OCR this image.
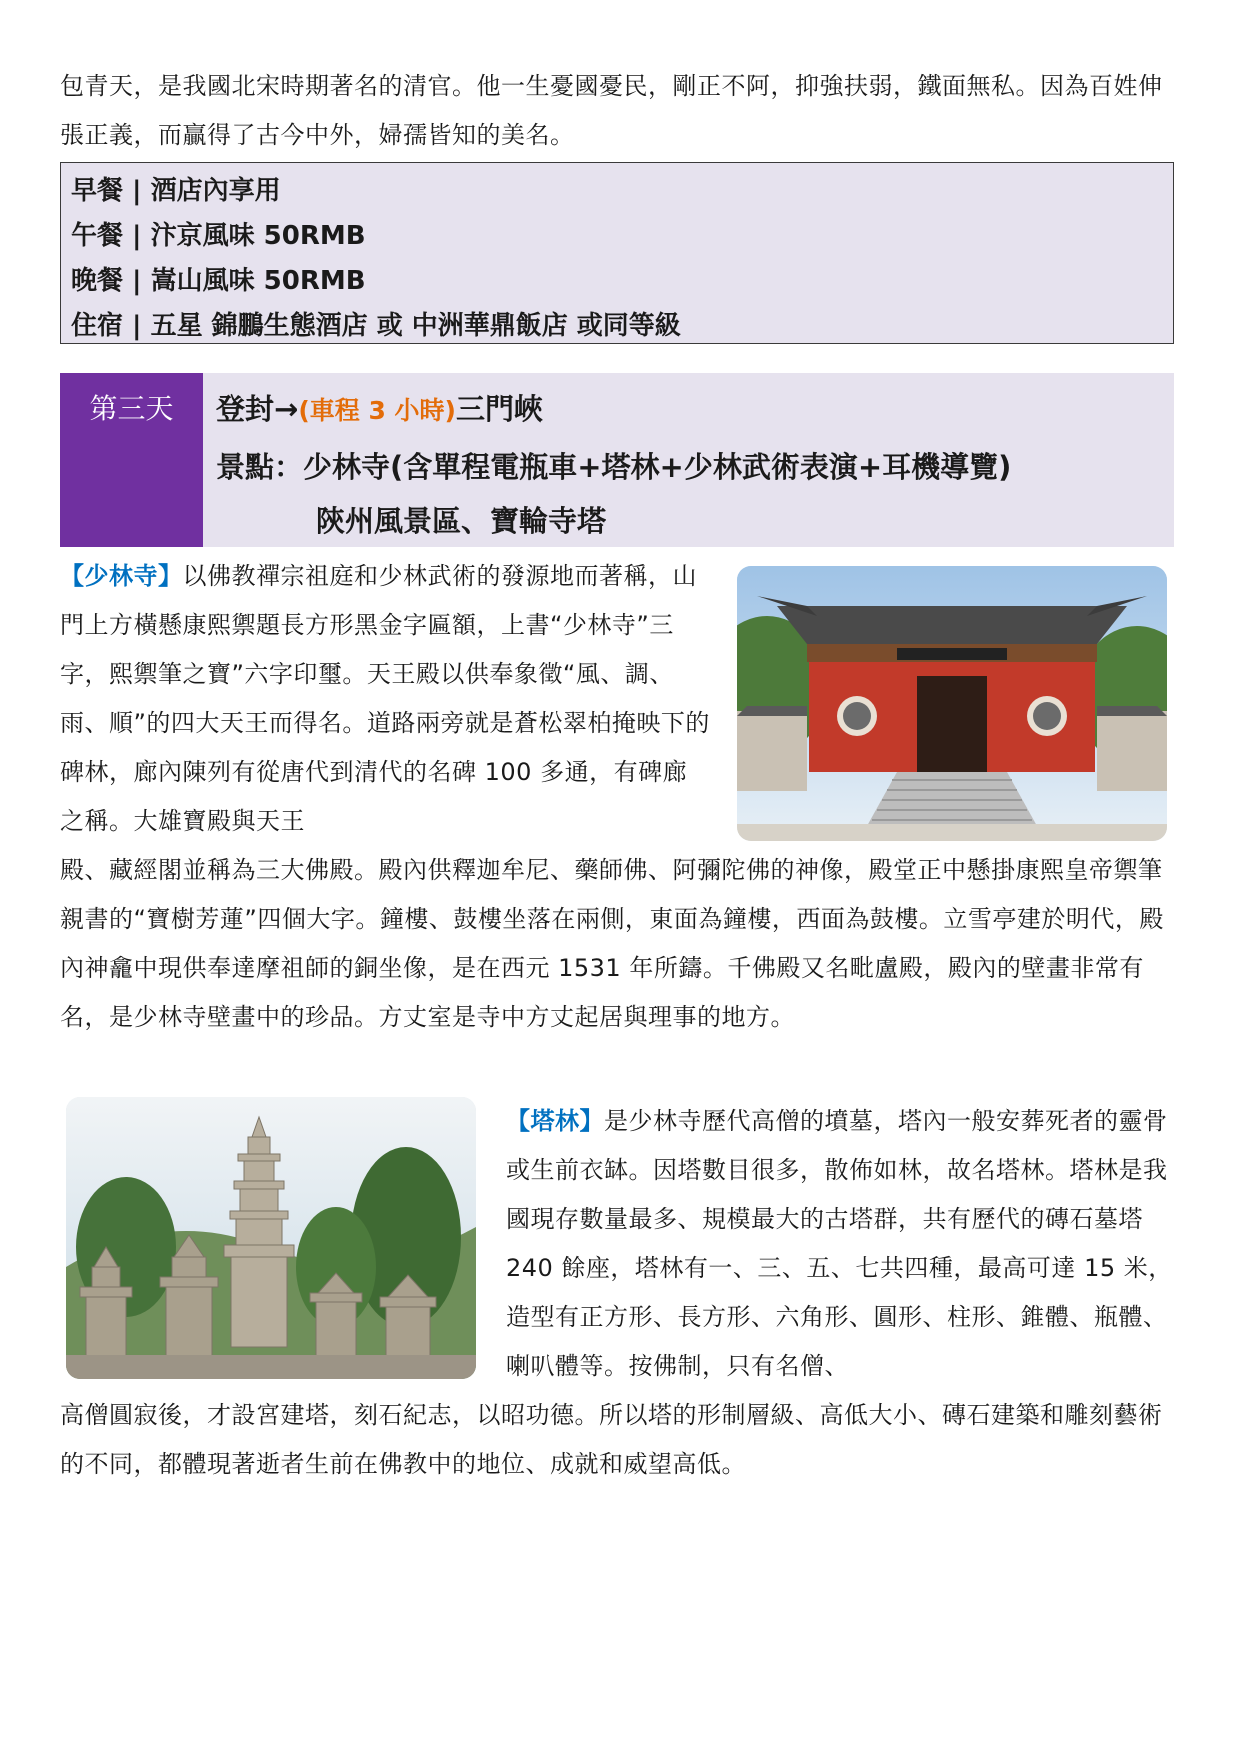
包青天，是我國北宋時期著名的清官。他一生憂國憂民，剛正不阿，抑強扶弱，鐵面無私。因為百姓伸張正義，而贏得了古今中外，婦孺皆知的美名。

早餐 | 酒店內享用
午餐 | 汴京風味 50RMB
晚餐 | 嵩山風味 50RMB
住宿 | 五星 錦鵬生態酒店 或 中洲華鼎飯店 或同等級
第三天	登封→(車程 3 小時)三門峽
景點：少林寺(含單程電瓶車+塔林+少林武術表演+耳機導覽)
陝州風景區、寶輪寺塔

【少林寺】以佛教禪宗祖庭和少林武術的發源地而著稱，山門上方橫懸康熙禦題長方形黑金字匾額，上書“少林寺”三字，熙禦筆之寶”六字印璽。天王殿以供奉象徵“風、調、雨、順”的四大天王而得名。道路兩旁就是蒼松翠柏掩映下的碑林，廊內陳列有從唐代到清代的名碑 100 多通，有碑廊之稱。大雄寶殿與天王

殿、藏經閣並稱為三大佛殿。殿內供釋迦牟尼、藥師佛、阿彌陀佛的神像，殿堂正中懸掛康熙皇帝禦筆親書的“寶樹芳蓮”四個大字。鐘樓、鼓樓坐落在兩側，東面為鐘樓，西面為鼓樓。立雪亭建於明代，殿內神龕中現供奉達摩祖師的銅坐像，是在西元 1531 年所鑄。千佛殿又名毗盧殿，殿內的壁畫非常有名，是少林寺壁畫中的珍品。方丈室是寺中方丈起居與理事的地方。

【塔林】是少林寺歷代高僧的墳墓，塔內一般安葬死者的靈骨或生前衣缽。因塔數目很多，散佈如林，故名塔林。塔林是我國現存數量最多、規模最大的古塔群，共有歷代的磚石墓塔 240 餘座，塔林有一、三、五、七共四種，最高可達 15 米，造型有正方形、長方形、六角形、圓形、柱形、錐體、瓶體、喇叭體等。按佛制，只有名僧、

高僧圓寂後，才設宮建塔，刻石紀志，以昭功德。所以塔的形制層級、高低大小、磚石建築和雕刻藝術的不同，都體現著逝者生前在佛教中的地位、成就和威望高低。
